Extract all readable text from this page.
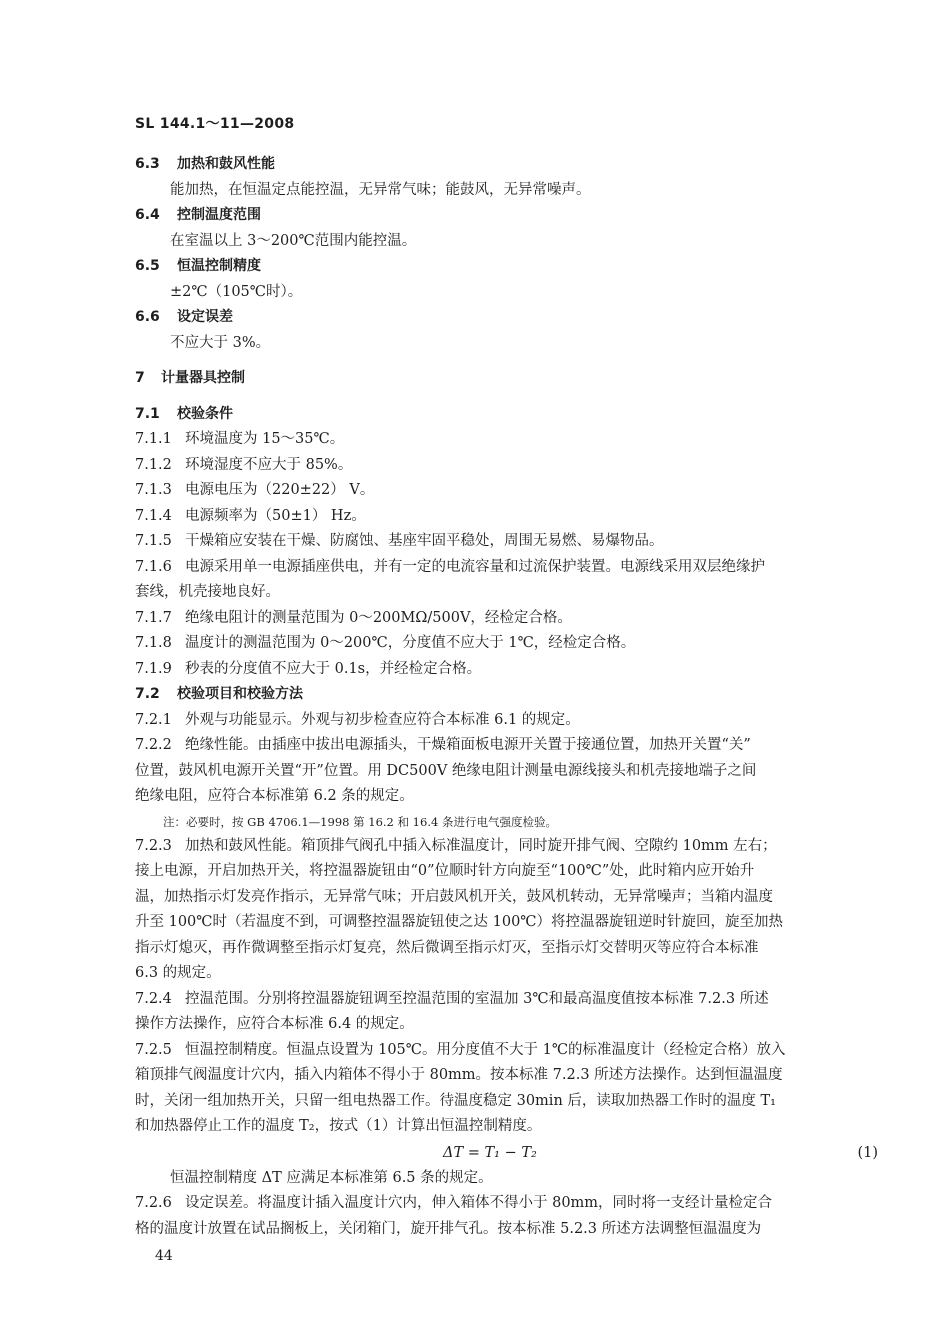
SL 144.1～11—2008
6.3 加热和鼓风性能
能加热，在恒温定点能控温，无异常气味；能鼓风，无异常噪声。
6.4 控制温度范围
在室温以上 3～200℃范围内能控温。
6.5 恒温控制精度
±2℃（105℃时）。
6.6 设定误差
不应大于 3%。
7 计量器具控制
7.1 校验条件
7.1.1 环境温度为 15～35℃。
7.1.2 环境湿度不应大于 85%。
7.1.3 电源电压为（220±22） V。
7.1.4 电源频率为（50±1） Hz。
7.1.5 干燥箱应安装在干燥、防腐蚀、基座牢固平稳处，周围无易燃、易爆物品。
7.1.6 电源采用单一电源插座供电，并有一定的电流容量和过流保护装置。电源线采用双层绝缘护
套线，机壳接地良好。
7.1.7 绝缘电阻计的测量范围为 0～200MΩ/500V，经检定合格。
7.1.8 温度计的测温范围为 0～200℃，分度值不应大于 1℃，经检定合格。
7.1.9 秒表的分度值不应大于 0.1s，并经检定合格。
7.2 校验项目和校验方法
7.2.1 外观与功能显示。外观与初步检查应符合本标准 6.1 的规定。
7.2.2 绝缘性能。由插座中拔出电源插头，干燥箱面板电源开关置于接通位置，加热开关置“关”
位置，鼓风机电源开关置“开”位置。用 DC500V 绝缘电阻计测量电源线接头和机壳接地端子之间
绝缘电阻，应符合本标准第 6.2 条的规定。
注：必要时，按 GB 4706.1—1998 第 16.2 和 16.4 条进行电气强度检验。
7.2.3 加热和鼓风性能。箱顶排气阀孔中插入标准温度计，同时旋开排气阀、空隙约 10mm 左右；
接上电源，开启加热开关，将控温器旋钮由“0”位顺时针方向旋至“100℃”处，此时箱内应开始升
温，加热指示灯发亮作指示，无异常气味；开启鼓风机开关，鼓风机转动，无异常噪声；当箱内温度
升至 100℃时（若温度不到，可调整控温器旋钮使之达 100℃）将控温器旋钮逆时针旋回，旋至加热
指示灯熄灭，再作微调整至指示灯复亮，然后微调至指示灯灭，至指示灯交替明灭等应符合本标准
6.3 的规定。
7.2.4 控温范围。分别将控温器旋钮调至控温范围的室温加 3℃和最高温度值按本标准 7.2.3 所述
操作方法操作，应符合本标准 6.4 的规定。
7.2.5 恒温控制精度。恒温点设置为 105℃。用分度值不大于 1℃的标准温度计（经检定合格）放入
箱顶排气阀温度计穴内，插入内箱体不得小于 80mm。按本标准 7.2.3 所述方法操作。达到恒温温度
时，关闭一组加热开关，只留一组电热器工作。待温度稳定 30min 后，读取加热器工作时的温度 T₁
和加热器停止工作的温度 T₂，按式（1）计算出恒温控制精度。
ΔT = T₁ − T₂	(1)
恒温控制精度 ΔT 应满足本标准第 6.5 条的规定。
7.2.6 设定误差。将温度计插入温度计穴内，伸入箱体不得小于 80mm，同时将一支经计量检定合
格的温度计放置在试品搁板上，关闭箱门，旋开排气孔。按本标准 5.2.3 所述方法调整恒温温度为
44
